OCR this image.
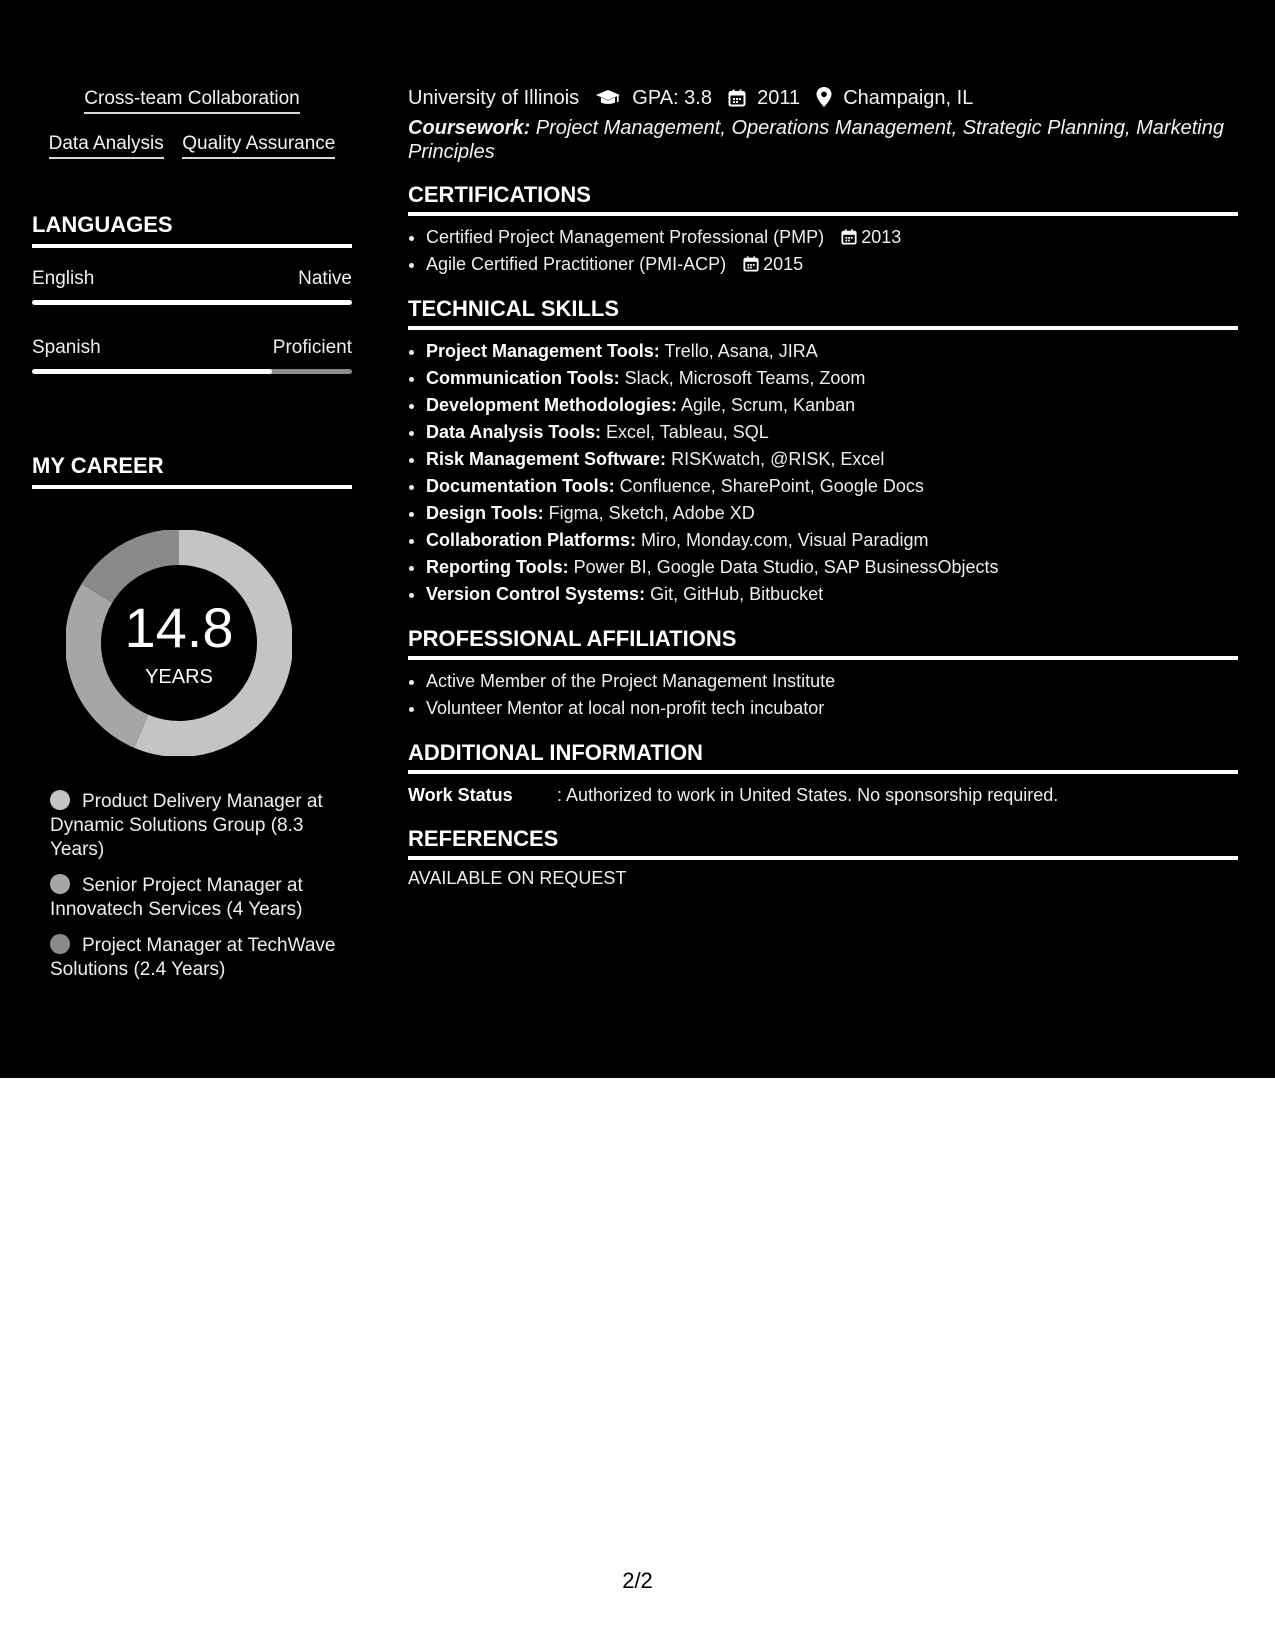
Cross-team Collaboration
Data Analysis Quality Assurance
LANGUAGES
English	Native
Spanish	Proficient
MY CAREER
14.8
YEARS
Product Delivery Manager at Dynamic Solutions Group (8.3 Years)
Senior Project Manager at Innovatech Services (4 Years)
Project Manager at TechWave Solutions (2.4 Years)
University of Illinois	GPA: 3.8 2011 Champaign, IL
Coursework: Project Management, Operations Management, Strategic Planning, Marketing Principles
CERTIFICATIONS
• Certified Project Management Professional (PMP) 2013
• Agile Certified Practitioner (PMI-ACP) 2015
TECHNICAL SKILLS
• Project Management Tools: Trello, Asana, JIRA
• Communication Tools: Slack, Microsoft Teams, Zoom
• Development Methodologies: Agile, Scrum, Kanban
• Data Analysis Tools: Excel, Tableau, SQL
• Risk Management Software: RISKwatch, @RISK, Excel
• Documentation Tools: Confluence, SharePoint, Google Docs
• Design Tools: Figma, Sketch, Adobe XD
• Collaboration Platforms: Miro, Monday.com, Visual Paradigm
• Reporting Tools: Power BI, Google Data Studio, SAP BusinessObjects
• Version Control Systems: Git, GitHub, Bitbucket
PROFESSIONAL AFFILIATIONS
• Active Member of the Project Management Institute
• Volunteer Mentor at local non-profit tech incubator
ADDITIONAL INFORMATION
Work Status : Authorized to work in United States. No sponsorship required.
REFERENCES
AVAILABLE ON REQUEST
2/2
